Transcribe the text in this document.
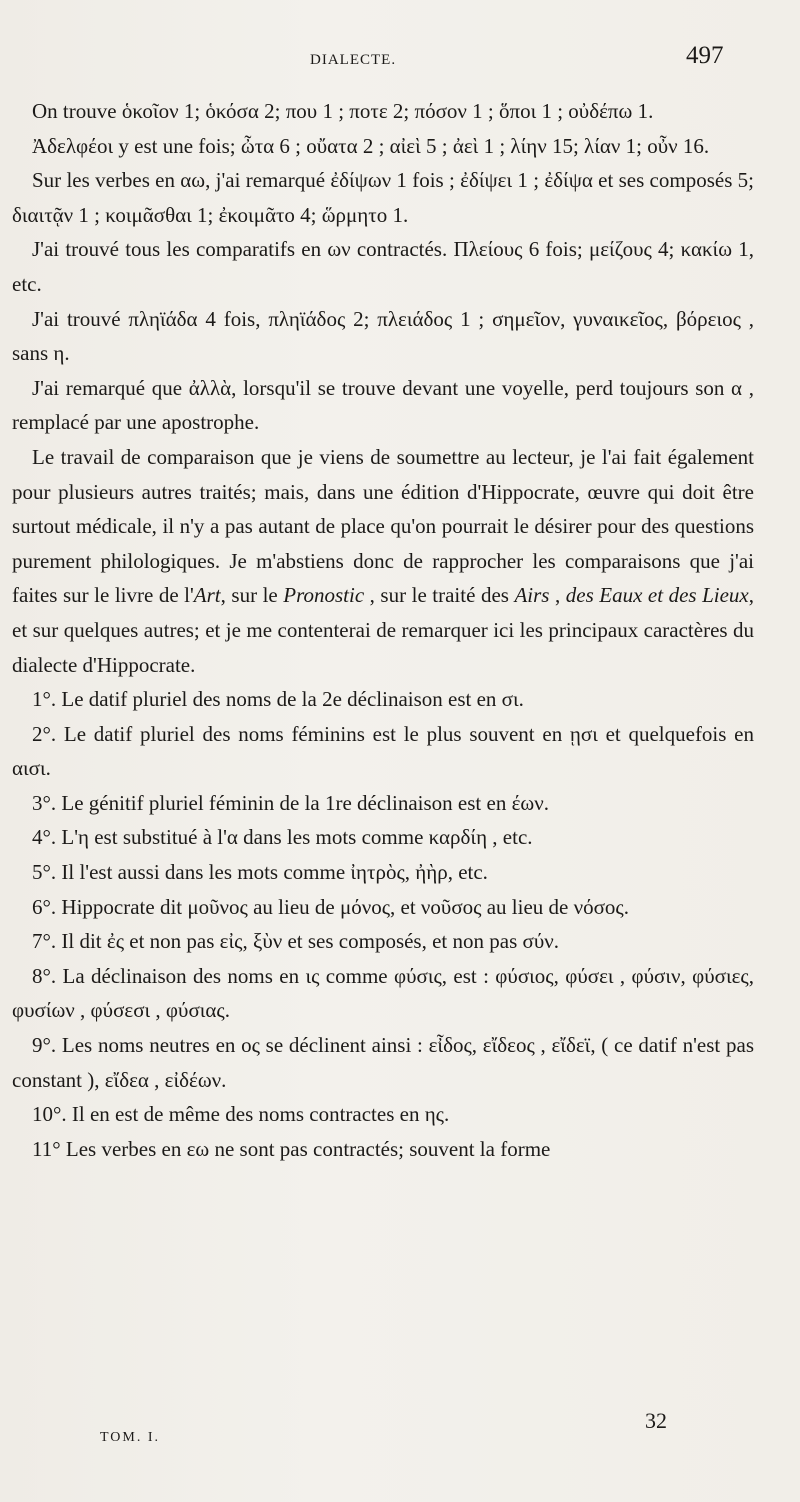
DIALECTE.	497

On trouve ὁκοῖον 1; ὁκόσα 2; που 1 ; ποτε 2; πόσον 1 ; ὅποι 1 ; οὐδέπω 1.

Ἀδελφέοι y est une fois; ὦτα 6 ; οὔατα 2 ; αἰεὶ 5 ; ἀεὶ 1 ; λίην 15; λίαν 1; οὖν 16.

Sur les verbes en αω, j'ai remarqué ἐδίψων 1 fois ; ἐδίψει 1 ; ἐδίψα et ses composés 5; διαιτᾷν 1 ; κοιμᾶσθαι 1; ἐκοιμᾶτο 4; ὥρμητο 1.

J'ai trouvé tous les comparatifs en ων contractés. Πλείους 6 fois; μείζους 4; κακίω 1, etc.

J'ai trouvé πληϊάδα 4 fois, πληϊάδος 2; πλειάδος 1 ; σημεῖον, γυναικεῖος, βόρειος , sans η.

J'ai remarqué que ἀλλὰ, lorsqu'il se trouve devant une voyelle, perd toujours son α , remplacé par une apostrophe.

Le travail de comparaison que je viens de soumettre au lecteur, je l'ai fait également pour plusieurs autres traités; mais, dans une édition d'Hippocrate, œuvre qui doit être surtout médicale, il n'y a pas autant de place qu'on pourrait le désirer pour des questions purement philologiques. Je m'abstiens donc de rapprocher les comparaisons que j'ai faites sur le livre de l'Art, sur le Pronostic , sur le traité des Airs , des Eaux et des Lieux, et sur quelques autres; et je me contenterai de remarquer ici les principaux caractères du dialecte d'Hippocrate.

1°. Le datif pluriel des noms de la 2e déclinaison est en σι.

2°. Le datif pluriel des noms féminins est le plus souvent en ῃσι et quelquefois en αισι.

3°. Le génitif pluriel féminin de la 1re déclinaison est en έων.

4°. L'η est substitué à l'α dans les mots comme καρδίη , etc.

5°. Il l'est aussi dans les mots comme ἰητρὸς, ἠὴρ, etc.

6°. Hippocrate dit μοῦνος au lieu de μόνος, et νοῦσος au lieu de νόσος.

7°. Il dit ἐς et non pas εἰς, ξὺν et ses composés, et non pas σύν.

8°. La déclinaison des noms en ις comme φύσις, est : φύσιος, φύσει , φύσιν, φύσιες, φυσίων , φύσεσι , φύσιας.

9°. Les noms neutres en ος se déclinent ainsi : εἶδος, εἴδεος , εἴδεϊ, ( ce datif n'est pas constant ), εἴδεα , εἰδέων.

10°. Il en est de même des noms contractes en ης.

11° Les verbes en εω ne sont pas contractés; souvent la forme

TOM. I.
32
